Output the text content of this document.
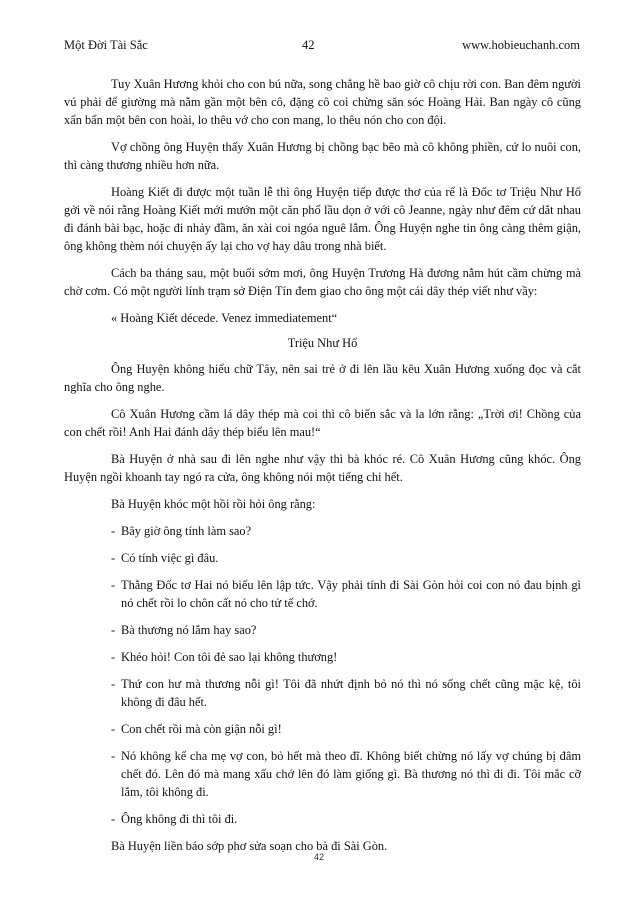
Một Đời Tài Sắc	42	www.hobieuchanh.com

Tuy Xuân Hương khỏi cho con bú nữa, song chẳng hề bao giờ cô chịu rời con. Ban đêm người vú phải để giường mà nằm gần một bên cô, đặng cô coi chừng săn sóc Hoàng Hải. Ban ngày cô cũng xẩn bẩn một bên con hoài, lo thêu vớ cho con mang, lo thêu nón cho con đội.

Vợ chồng ông Huyện thấy Xuân Hương bị chồng bạc bẽo mà cô không phiền, cứ lo nuôi con, thì càng thương nhiều hơn nữa.

Hoàng Kiết đi được một tuần lễ thì ông Huyện tiếp được thơ của rể là Đốc tơ Triệu Như Hổ gởi về nói rằng Hoàng Kiết mới mướn một căn phố lầu dọn ở với cô Jeanne, ngày như đêm cứ dắt nhau đi đánh bài bạc, hoặc đi nhảy đầm, ăn xài coi ngóa nguê lắm. Ông Huyện nghe tin ông càng thêm giận, ông không thèm nói chuyện ấy lại cho vợ hay dâu trong nhà biết.

Cách ba tháng sau, một buổi sớm mơi, ông Huyện Trương Hà đương nằm hút cầm chừng mà chờ cơm. Có một người lính trạm sở Điện Tín đem giao cho ông một cái dây thép viết như vầy:

« Hoàng Kiết décede. Venez immediatement“

Triệu Như Hổ

Ông Huyện không hiểu chữ Tây, nên sai trẻ ở đi lên lầu kêu Xuân Hương xuống đọc và cắt nghĩa cho ông nghe.

Cô Xuân Hương cầm lá dây thép mà coi thì cô biến sắc và la lớn rằng: „Trời ơi! Chồng của con chết rồi! Anh Hai đánh dây thép biểu lên mau!“

Bà Huyện ở nhà sau đi lên nghe như vậy thì bà khóc ré. Cô Xuân Hương cũng khóc. Ông Huyện ngồi khoanh tay ngó ra cửa, ông không nói một tiếng chi hết.

Bà Huyện khóc một hồi rồi hỏi ông rằng:

- Bây giờ ông tính làm sao?
- Có tính việc gì đâu.
- Thằng Đốc tơ Hai nó biểu lên lập tức. Vậy phải tính đi Sài Gòn hỏi coi con nó đau bịnh gì nó chết rồi lo chôn cất nó cho tử tế chớ.
- Bà thương nó lắm hay sao?
- Khéo hỏi! Con tôi đẻ sao lại không thương!
- Thứ con hư mà thương nỗi gì! Tôi đã nhứt định bỏ nó thì nó sống chết cũng mặc kệ, tôi không đi đâu hết.
- Con chết rồi mà còn giận nỗi gì!
- Nó không kể cha mẹ vợ con, bỏ hết mà theo đĩ. Không biết chừng nó lấy vợ chúng bị đâm chết đó. Lên đó mà mang xấu chớ lên đó làm giống gì. Bà thương nó thì đi đi. Tôi mắc cỡ lắm, tôi không đi.
- Ông không đi thì tôi đi.

Bà Huyện liền báo sớp phơ sửa soạn cho bà đi Sài Gòn.

42
